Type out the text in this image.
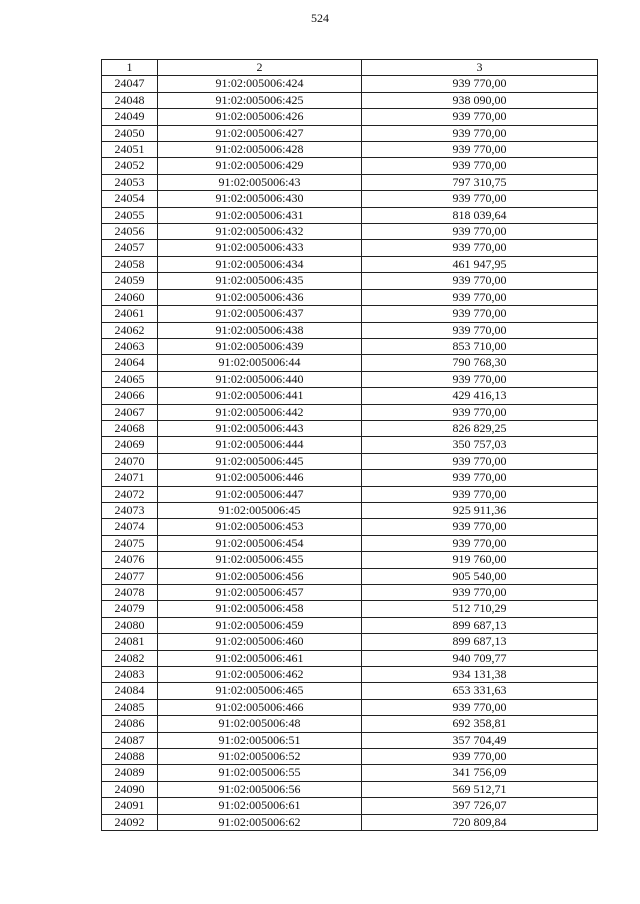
524
1	2	3
24047	91:02:005006:424	939 770,00
24048	91:02:005006:425	938 090,00
24049	91:02:005006:426	939 770,00
24050	91:02:005006:427	939 770,00
24051	91:02:005006:428	939 770,00
24052	91:02:005006:429	939 770,00
24053	91:02:005006:43	797 310,75
24054	91:02:005006:430	939 770,00
24055	91:02:005006:431	818 039,64
24056	91:02:005006:432	939 770,00
24057	91:02:005006:433	939 770,00
24058	91:02:005006:434	461 947,95
24059	91:02:005006:435	939 770,00
24060	91:02:005006:436	939 770,00
24061	91:02:005006:437	939 770,00
24062	91:02:005006:438	939 770,00
24063	91:02:005006:439	853 710,00
24064	91:02:005006:44	790 768,30
24065	91:02:005006:440	939 770,00
24066	91:02:005006:441	429 416,13
24067	91:02:005006:442	939 770,00
24068	91:02:005006:443	826 829,25
24069	91:02:005006:444	350 757,03
24070	91:02:005006:445	939 770,00
24071	91:02:005006:446	939 770,00
24072	91:02:005006:447	939 770,00
24073	91:02:005006:45	925 911,36
24074	91:02:005006:453	939 770,00
24075	91:02:005006:454	939 770,00
24076	91:02:005006:455	919 760,00
24077	91:02:005006:456	905 540,00
24078	91:02:005006:457	939 770,00
24079	91:02:005006:458	512 710,29
24080	91:02:005006:459	899 687,13
24081	91:02:005006:460	899 687,13
24082	91:02:005006:461	940 709,77
24083	91:02:005006:462	934 131,38
24084	91:02:005006:465	653 331,63
24085	91:02:005006:466	939 770,00
24086	91:02:005006:48	692 358,81
24087	91:02:005006:51	357 704,49
24088	91:02:005006:52	939 770,00
24089	91:02:005006:55	341 756,09
24090	91:02:005006:56	569 512,71
24091	91:02:005006:61	397 726,07
24092	91:02:005006:62	720 809,84
